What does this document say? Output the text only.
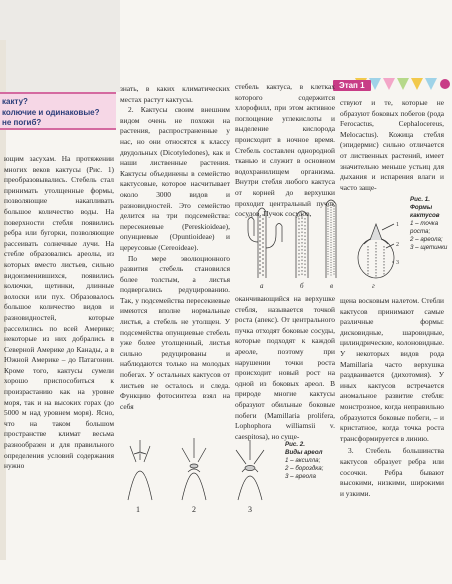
Этап 1
какту?
колючие и одинаковые?
не погиб?

ющим засухам. На протяжении многих веков кактусы (Рис. 1) преобразовывались. Стебель стал принимать утолщенные формы, позволяющие накапливать большое количество воды. На поверхности стебля появились ребра или бугорки, позволяющие рассеивать солнечные лучи. На стебле образовались ареолы, из которых вместо листьев, сильно видоизменившихся, появились колючки, щетинки, длинные волоски или пух. Образовалось большое количество видов и разновидностей, которые расселились по всей Америке; некоторые из них добрались в Северной Америке до Канады, а в Южной Америке – до Патагонии. Кроме того, кактусы сумели хорошо приспособиться к произрастанию как на уровне моря, так и на высоких горах (до 5000 м над уровнем моря). Ясно, что на таком большом пространстве климат весьма разнообразен и для правильного определения условий содержания нужно

знать, в каких климатических местах растут кактусы.

2. Кактусы своим внешним видом очень не похожи на растения, распространенные у нас, но они относятся к классу двудольных (Dicotyledones), как и наши лиственные растения. Кактусы объединены в семейство кактусовые, которое насчитывает около 3000 видов и разновидностей. Это семейство делится на три подсемейства: пересекиевые (Pereskioideae), опунциевые (Opuntioideae) и цереусовые (Cereoideae).

По мере эволюционного развития стебель становился более толстым, а листья подвергались редуцированию. Так, у подсемейства пересекиевые имеются вполне нормальные листья, а стебель не утолщен. У подсемейства опунциевые стебель уже более утолщенный, листья сильно редуцированы и наблюдаются только на молодых побегах. У остальных кактусов от листьев не осталось и следа. Функцию фотосинтеза взял на себя

стебель кактуса, в клетках которого содержится хлорофилл, при этом активное поглощение углекислоты и выделение кислорода происходит в ночное время. Стебель составлен однородной тканью и служит в основном водохранилищем организма. Внутри стебля любого кактуса от корней до верхушки проходит центральный пучок сосудов. Пучок сосудов,

оканчивающийся на верхушке стебля, называется точкой роста (апекс). От центрального пучка отходят боковые сосуды, которые подходят к каждой ареоле, поэтому при нарушении точки роста происходит новый рост на одной из боковых ареол. В природе многие кактусы образуют обильные боковые побеги (Mamillaria prolifera, Lophophora williamsii v. caespitosa), но суще-

ствуют и те, которые не образуют боковых побегов (рода Ferocactus, Cephalocereus, Melocactus). Кожица стебля (эпидермис) сильно отличается от лиственных растений, имеет значительно меньше устьиц для дыхания и испарения влаги и часто заще-

щена восковым налетом. Стебли кактусов принимают самые различные формы: дисковидные, шаровидные, цилиндрические, колоновидные. У некоторых видов рода Mamillaria часто верхушка раздваивается (дихотомия). У иных кактусов встречается аномальное развитие стебля: монстрозное, когда неправильно образуются боковые побеги, – и кристатное, когда точка роста трансформируется в линию.

3. Стебель большинства кактусов образует ребра или сосочки. Ребра бывают высокими, низкими, широкими и узкими.

1
2
3
Рис. 1.
Формы кактусов
1 – точка роста;
2 – ареола;
3 – щетинки
а	б	в	г
Рис. 2.
Виды ареол
1 – аксилла;
2 – бороздка;
3 – ареола
1	2	3
